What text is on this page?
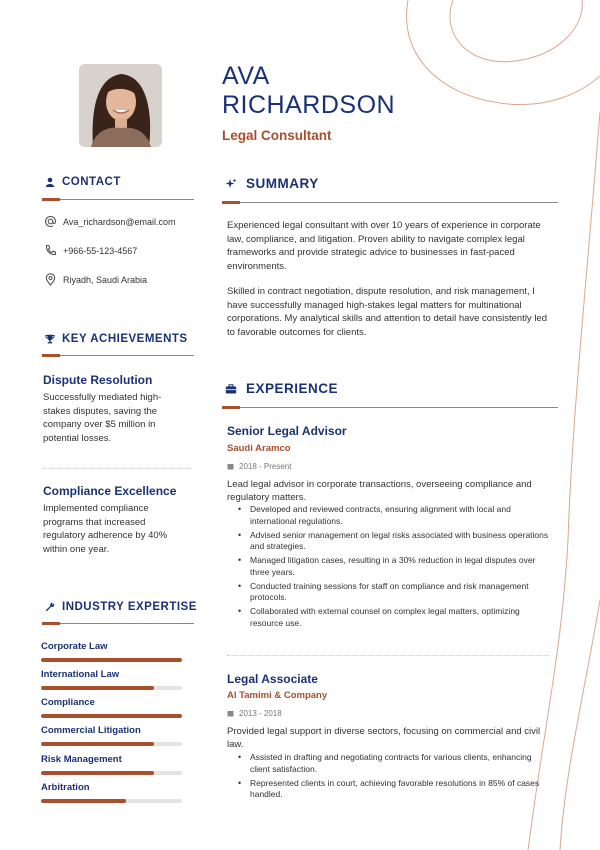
AVA RICHARDSON
Legal Consultant
CONTACT
Ava_richardson@email.com
+966-55-123-4567
Riyadh, Saudi Arabia
KEY ACHIEVEMENTS
Dispute Resolution
Successfully mediated high-stakes disputes, saving the company over $5 million in potential losses.
Compliance Excellence
Implemented compliance programs that increased regulatory adherence by 40% within one year.
INDUSTRY EXPERTISE
Corporate Law
International Law
Compliance
Commercial Litigation
Risk Management
Arbitration
SUMMARY
Experienced legal consultant with over 10 years of experience in corporate law, compliance, and litigation. Proven ability to navigate complex legal frameworks and provide strategic advice to businesses in fast-paced environments.
Skilled in contract negotiation, dispute resolution, and risk management, I have successfully managed high-stakes legal matters for multinational corporations. My analytical skills and attention to detail have consistently led to favorable outcomes for clients.
EXPERIENCE
Senior Legal Advisor
Saudi Aramco
2018 - Present
Lead legal advisor in corporate transactions, overseeing compliance and regulatory matters.
• Developed and reviewed contracts, ensuring alignment with local and international regulations.
• Advised senior management on legal risks associated with business operations and strategies.
• Managed litigation cases, resulting in a 30% reduction in legal disputes over three years.
• Conducted training sessions for staff on compliance and risk management protocols.
• Collaborated with external counsel on complex legal matters, optimizing resource use.
Legal Associate
Al Tamimi & Company
2013 - 2018
Provided legal support in diverse sectors, focusing on commercial and civil law.
• Assisted in drafting and negotiating contracts for various clients, enhancing client satisfaction.
• Represented clients in court, achieving favorable resolutions in 85% of cases handled.
